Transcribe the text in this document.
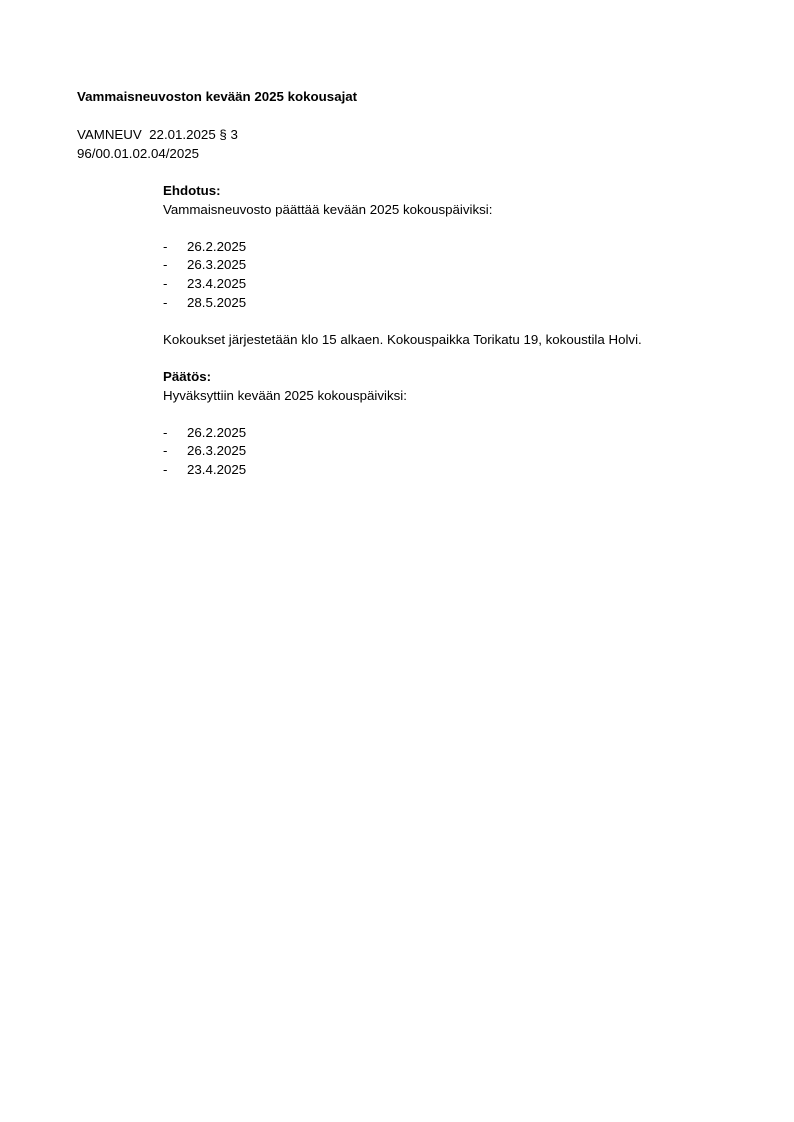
Vammaisneuvoston kevään 2025 kokousajat
VAMNEUV  22.01.2025 § 3
96/00.01.02.04/2025
Ehdotus:
Vammaisneuvosto päättää kevään 2025 kokouspäiviksi:
- 26.2.2025
- 26.3.2025
- 23.4.2025
- 28.5.2025
Kokoukset järjestetään klo 15 alkaen. Kokouspaikka Torikatu 19, kokoustila Holvi.
Päätös:
Hyväksyttiin kevään 2025 kokouspäiviksi:
- 26.2.2025
- 26.3.2025
- 23.4.2025
